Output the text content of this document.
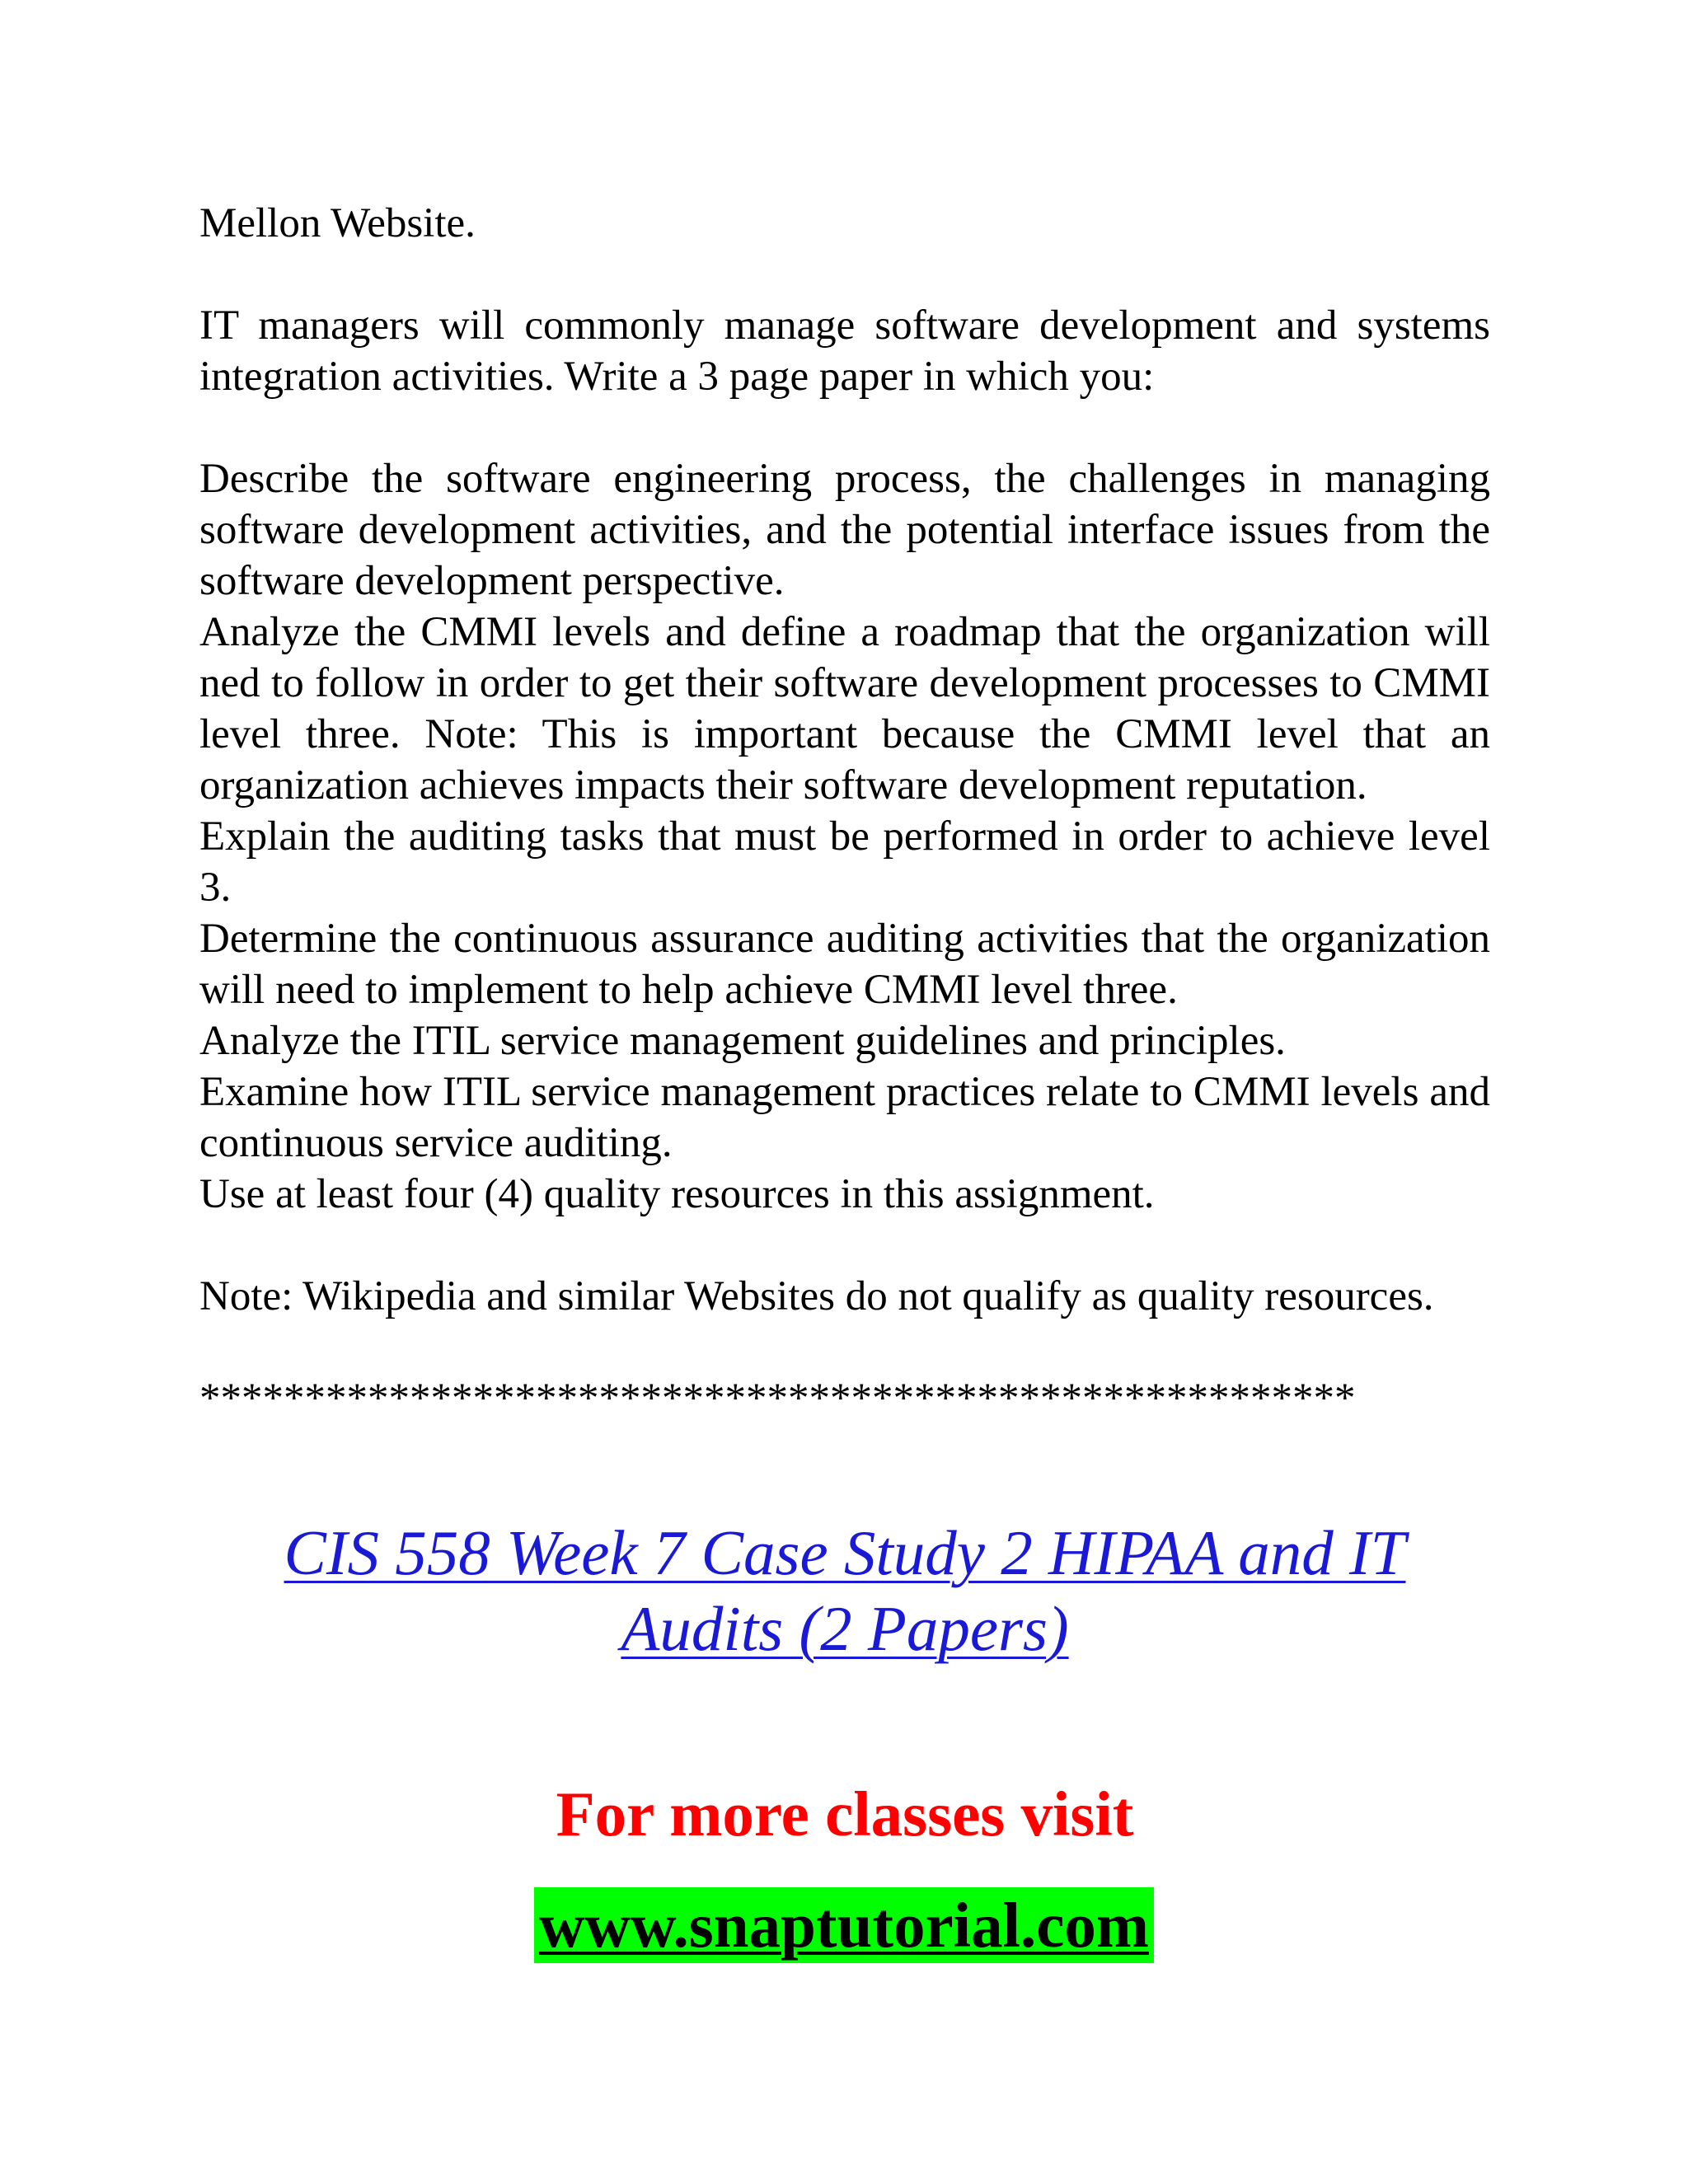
Mellon Website.

IT managers will commonly manage software development and systems integration activities. Write a 3 page paper in which you:

Describe the software engineering process, the challenges in managing software development activities, and the potential interface issues from the software development perspective.

Analyze the CMMI levels and define a roadmap that the organization will ned to follow in order to get their software development processes to CMMI level three. Note: This is important because the CMMI level that an organization achieves impacts their software development reputation.

Explain the auditing tasks that must be performed in order to achieve level 3.

Determine the continuous assurance auditing activities that the organization will need to implement to help achieve CMMI level three.

Analyze the ITIL service management guidelines and principles.

Examine how ITIL service management practices relate to CMMI levels and continuous service auditing.

Use at least four (4) quality resources in this assignment.

Note: Wikipedia and similar Websites do not qualify as quality resources.

*******************************************************

CIS 558 Week 7 Case Study 2 HIPAA and IT
Audits (2 Papers)
For more classes visit
www.snaptutorial.com
